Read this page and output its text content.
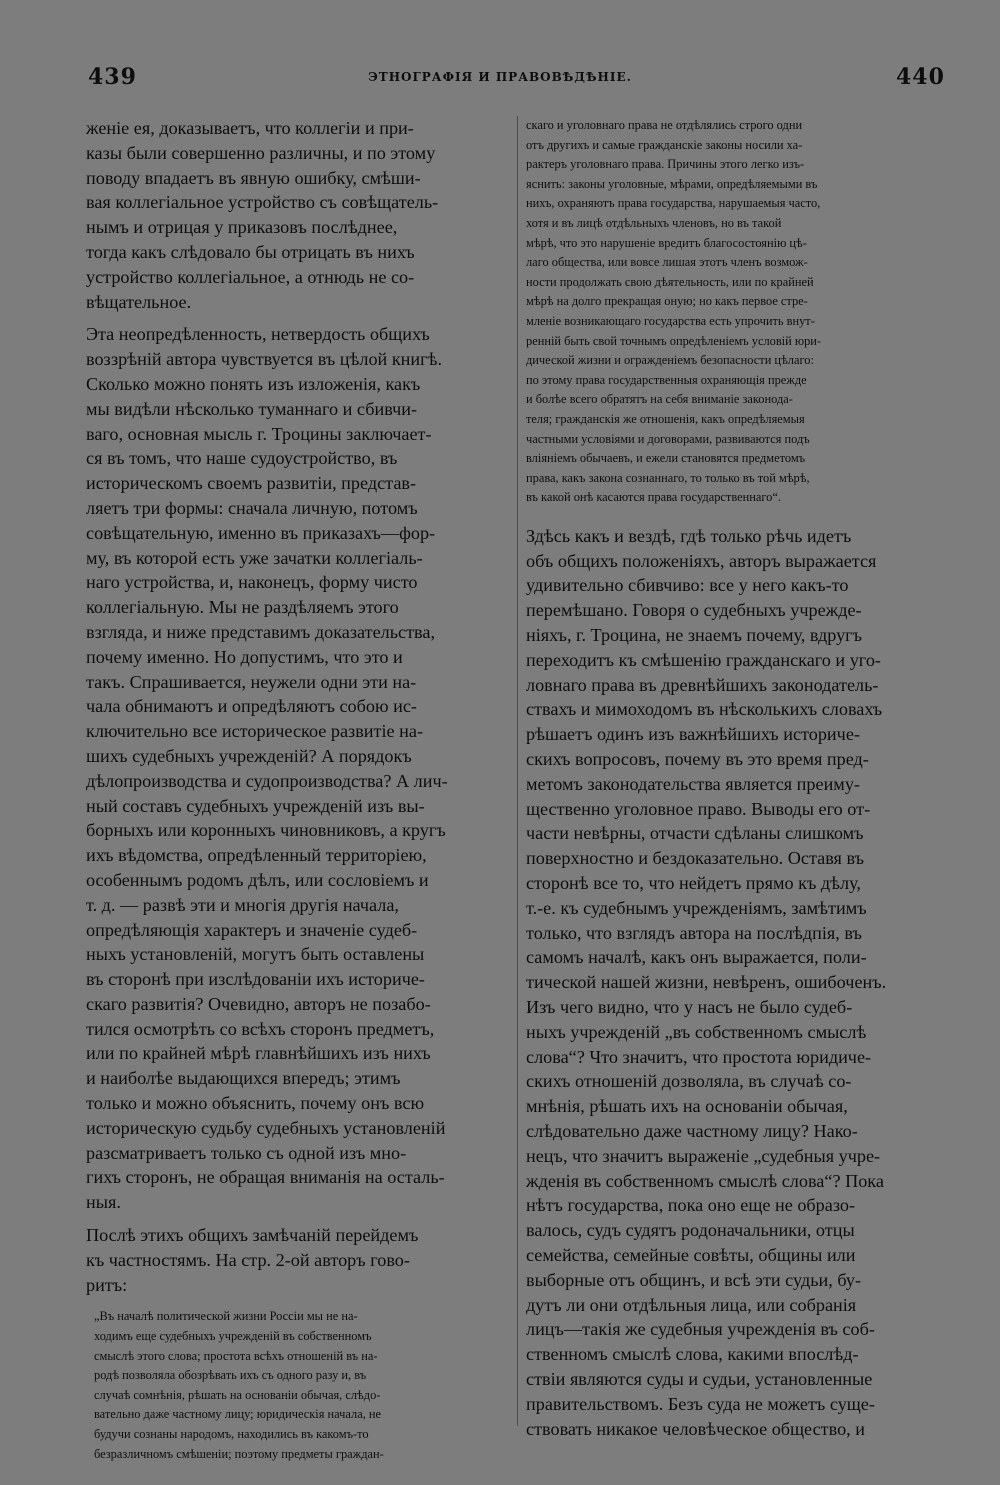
439	ЭТНОГРАФІЯ И ПРАВОВѢДѢНІЕ.	440

женіе ея, доказываетъ, что коллегіи и при-
казы были совершенно различны, и по этому
поводу впадаетъ въ явную ошибку, смѣши-
вая коллегіальное устройство съ совѣщатель-
нымъ и отрицая у приказовъ послѣднее,
тогда какъ слѣдовало бы отрицать въ нихъ
устройство коллегіальное, а отнюдь не со-
вѣщательное.

Эта неопредѣленность, нетвердость общихъ
воззрѣній автора чувствуется въ цѣлой книгѣ.
Сколько можно понять изъ изложенія, какъ
мы видѣли нѣсколько туманнаго и сбивчи-
ваго, основная мысль г. Троцины заключает-
ся въ томъ, что наше судоустройство, въ
историческомъ своемъ развитіи, представ-
ляетъ три формы: сначала личную, потомъ
совѣщательную, именно въ приказахъ—фор-
му, въ которой есть уже зачатки коллегіаль-
наго устройства, и, наконецъ, форму чисто
коллегіальную. Мы не раздѣляемъ этого
взгляда, и ниже представимъ доказательства,
почему именно. Но допустимъ, что это и
такъ. Спрашивается, неужели одни эти на-
чала обнимаютъ и опредѣляютъ собою ис-
ключительно все историческое развитіе на-
шихъ судебныхъ учрежденій? А порядокъ
дѣлопроизводства и судопроизводства? А лич-
ный составъ судебныхъ учрежденій изъ вы-
борныхъ или коронныхъ чиновниковъ, а кругъ
ихъ вѣдомства, опредѣленный территоріею,
особеннымъ родомъ дѣлъ, или сословіемъ и
т. д. — развѣ эти и многія другія начала,
опредѣляющія характеръ и значеніе судеб-
ныхъ установленій, могутъ быть оставлены
въ сторонѣ при изслѣдованіи ихъ историче-
скаго развитія? Очевидно, авторъ не позабо-
тился осмотрѣть со всѣхъ сторонъ предметъ,
или по крайней мѣрѣ главнѣйшихъ изъ нихъ
и наиболѣе выдающихся впередъ; этимъ
только и можно объяснить, почему онъ всю
историческую судьбу судебныхъ установленій
разсматриваетъ только съ одной изъ мно-
гихъ сторонъ, не обращая вниманія на осталь-
ныя.

Послѣ этихъ общихъ замѣчаній перейдемъ
къ частностямъ. На стр. 2-ой авторъ гово-
ритъ:

„Въ началѣ политической жизни Россіи мы не на-
ходимъ еще судебныхъ учрежденій въ собственномъ
смыслѣ этого слова; простота всѣхъ отношеній въ на-
родѣ позволяла обозрѣвать ихъ съ одного разу и, въ
случаѣ сомнѣнія, рѣшать на основаніи обычая, слѣдо-
вательно даже частному лицу; юридическія начала, не
будучи сознаны народомъ, находились въ какомъ-то
безразличномъ смѣшеніи; поэтому предметы граждан-

скаго и уголовнаго права не отдѣлялись строго одни
отъ другихъ и самые гражданскіе законы носили ха-
рактеръ уголовнаго права. Причины этого легко изъ-
яснить: законы уголовные, мѣрами, опредѣляемыми въ
нихъ, охраняютъ права государства, нарушаемыя часто,
хотя и въ лицѣ отдѣльныхъ членовъ, но въ такой
мѣрѣ, что это нарушеніе вредитъ благосостоянію цѣ-
лаго общества, или вовсе лишая этотъ членъ возмож-
ности продолжать свою дѣятельность, или по крайней
мѣрѣ на долго прекращая оную; но какъ первое стре-
мленіе возникающаго государства есть упрочить внут-
ренній быть свой точнымъ опредѣленіемъ условій юри-
дической жизни и огражденіемъ безопасности цѣлаго:
по этому права государственныя охраняющія прежде
и болѣе всего обратятъ на себя вниманіе законода-
теля; гражданскія же отношенія, какъ опредѣляемыя
частными условіями и договорами, развиваются подъ
вліяніемъ обычаевъ, и ежели становятся предметомъ
права, какъ закона сознаннаго, то только въ той мѣрѣ,
въ какой онѣ касаются права государственнаго“.

Здѣсь какъ и вездѣ, гдѣ только рѣчь идетъ
объ общихъ положеніяхъ, авторъ выражается
удивительно сбивчиво: все у него какъ-то
перемѣшано. Говоря о судебныхъ учрежде-
ніяхъ, г. Троцина, не знаемъ почему, вдругъ
переходитъ къ смѣшенію гражданскаго и уго-
ловнаго права въ древнѣйшихъ законодатель-
ствахъ и мимоходомъ въ нѣсколькихъ словахъ
рѣшаетъ одинъ изъ важнѣйшихъ историче-
скихъ вопросовъ, почему въ это время пред-
метомъ законодательства является преиму-
щественно уголовное право. Выводы его от-
части невѣрны, отчасти сдѣланы слишкомъ
поверхностно и бездоказательно. Оставя въ
сторонѣ все то, что нейдетъ прямо къ дѣлу,
т.-е. къ судебнымъ учрежденіямъ, замѣтимъ
только, что взглядъ автора на послѣдпія, въ
самомъ началѣ, какъ онъ выражается, поли-
тической нашей жизни, невѣренъ, ошибоченъ.
Изъ чего видно, что у насъ не было судеб-
ныхъ учрежденій „въ собственномъ смыслѣ
слова“? Что значитъ, что простота юридиче-
скихъ отношеній дозволяла, въ случаѣ со-
мнѣнія, рѣшать ихъ на основаніи обычая,
слѣдовательно даже частному лицу? Нако-
нецъ, что значитъ выраженіе „судебныя учре-
жденія въ собственномъ смыслѣ слова“? Пока
нѣтъ государства, пока оно еще не образо-
валось, судъ судятъ родоначальники, отцы
семейства, семейные совѣты, общины или
выборные отъ общинъ, и всѣ эти судьи, бу-
дутъ ли они отдѣльныя лица, или собранія
лицъ—такія же судебныя учрежденія въ соб-
ственномъ смыслѣ слова, какими впослѣд-
ствіи являются суды и судьи, установленные
правительствомъ. Безъ суда не можетъ суще-
ствовать никакое человѣческое общество, и
